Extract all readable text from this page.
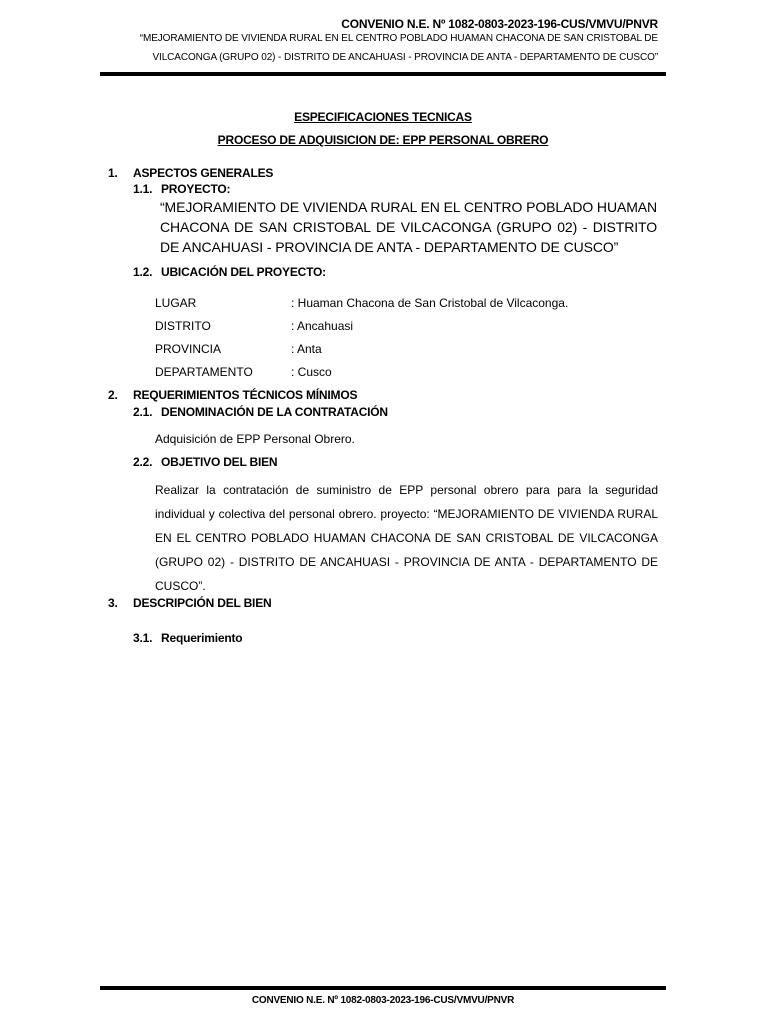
CONVENIO N.E. Nº 1082-0803-2023-196-CUS/VMVU/PNVR
“MEJORAMIENTO DE VIVIENDA RURAL EN EL CENTRO POBLADO HUAMAN CHACONA DE SAN CRISTOBAL DE
VILCACONGA (GRUPO 02) - DISTRITO DE ANCAHUASI - PROVINCIA DE ANTA - DEPARTAMENTO DE CUSCO”
ESPECIFICACIONES TECNICAS
PROCESO DE ADQUISICION DE: EPP PERSONAL OBRERO
1. ASPECTOS GENERALES
1.1. PROYECTO:
“MEJORAMIENTO DE VIVIENDA RURAL EN EL CENTRO POBLADO HUAMAN CHACONA DE SAN CRISTOBAL DE VILCACONGA (GRUPO 02) - DISTRITO DE ANCAHUASI - PROVINCIA DE ANTA - DEPARTAMENTO DE CUSCO”
1.2. UBICACIÓN DEL PROYECTO:
LUGAR	: Huaman Chacona de San Cristobal de Vilcaconga.
DISTRITO	: Ancahuasi
PROVINCIA	: Anta
DEPARTAMENTO	: Cusco
2. REQUERIMIENTOS TÉCNICOS MÍNIMOS
2.1. DENOMINACIÓN DE LA CONTRATACIÓN
Adquisición de EPP Personal Obrero.
2.2. OBJETIVO DEL BIEN
Realizar la contratación de suministro de EPP personal obrero para para la seguridad individual y colectiva del personal obrero. proyecto: “MEJORAMIENTO DE VIVIENDA RURAL EN EL CENTRO POBLADO HUAMAN CHACONA DE SAN CRISTOBAL DE VILCACONGA (GRUPO 02) - DISTRITO DE ANCAHUASI - PROVINCIA DE ANTA - DEPARTAMENTO DE CUSCO”.
3. DESCRIPCIÓN DEL BIEN
3.1. Requerimiento
CONVENIO N.E. Nº 1082-0803-2023-196-CUS/VMVU/PNVR
